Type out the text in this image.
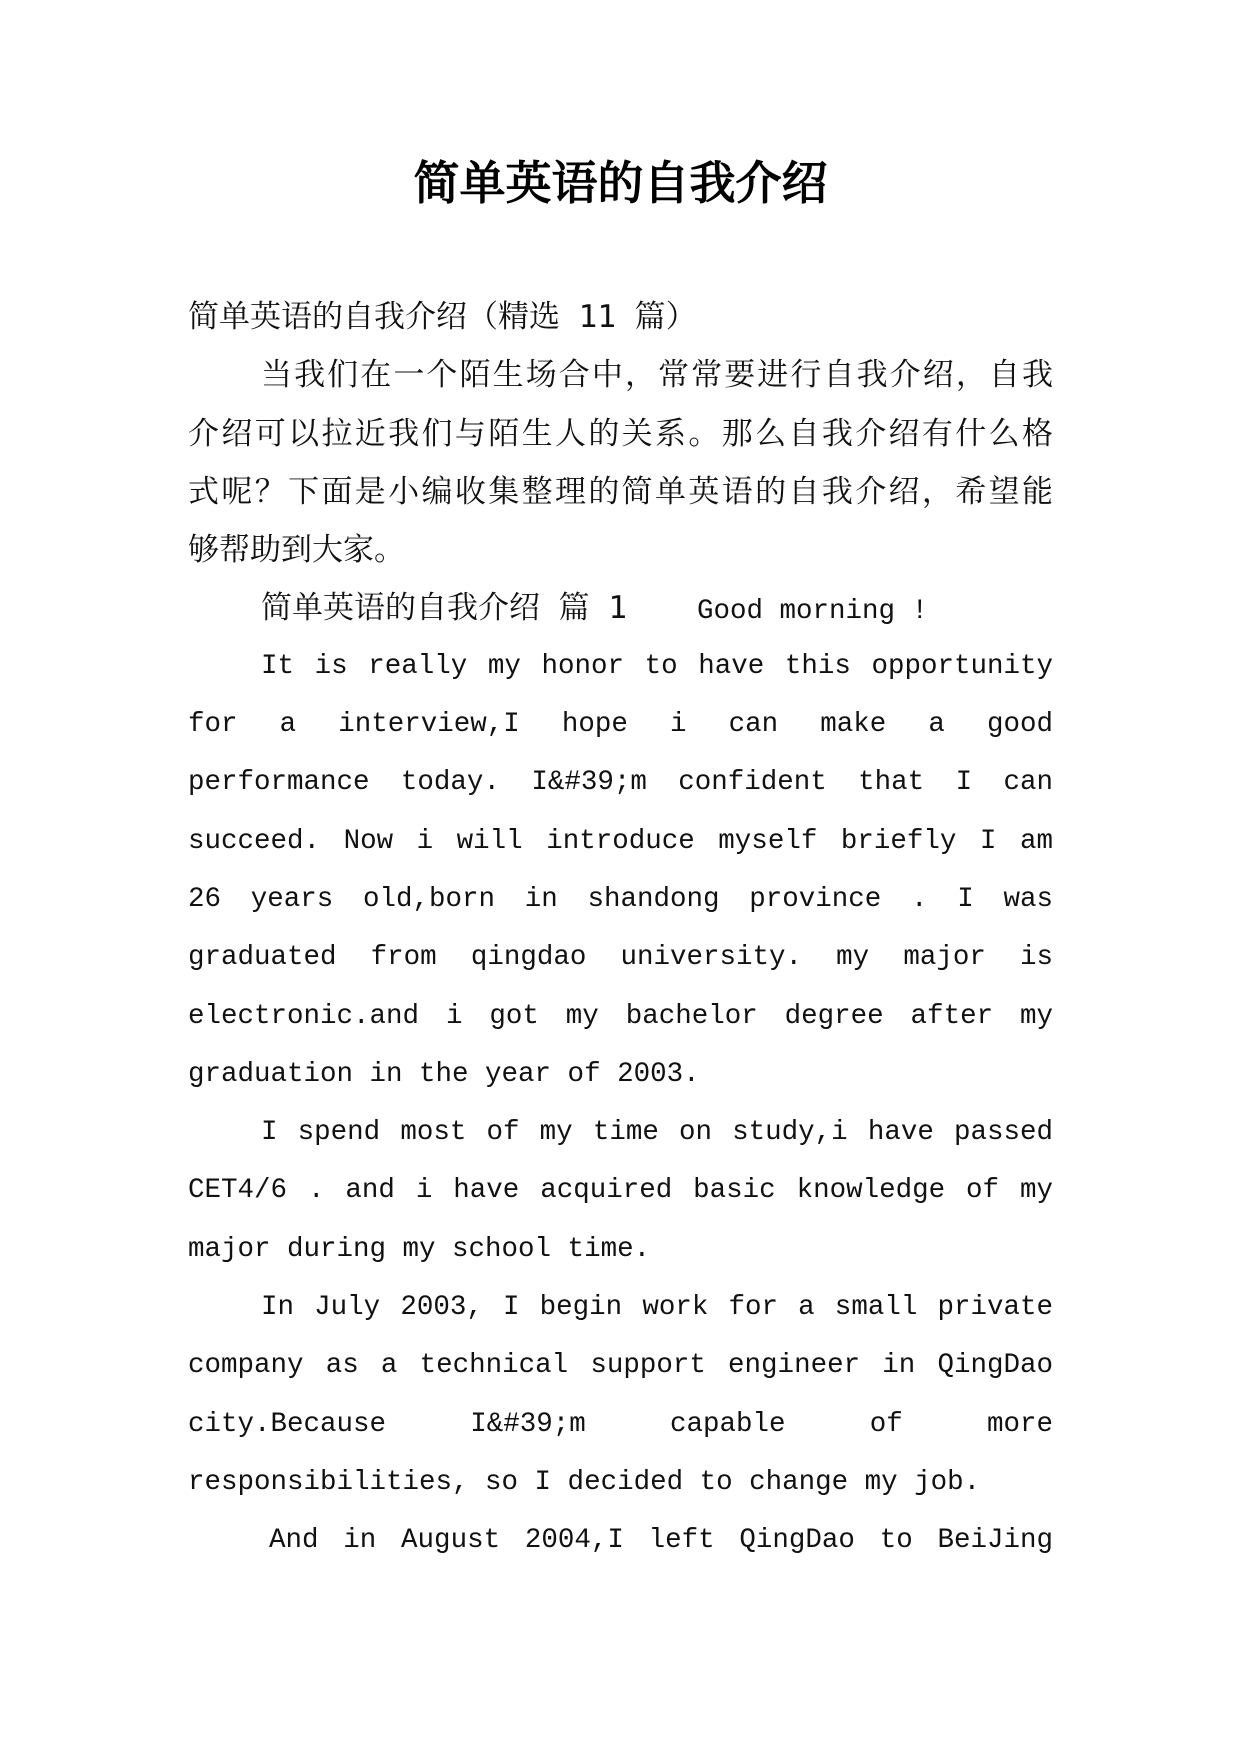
简单英语的自我介绍
简单英语的自我介绍（精选 11 篇）
当我们在一个陌生场合中，常常要进行自我介绍，自我
介绍可以拉近我们与陌生人的关系。那么自我介绍有什么格
式呢？下面是小编收集整理的简单英语的自我介绍，希望能
够帮助到大家。
简单英语的自我介绍 篇 1	Good morning !
It is really my honor to have this opportunity
for a interview,I hope i can make a good
performance today. I&#39;m confident that I can
succeed. Now i will introduce myself briefly I am
26 years old,born in shandong province . I was
graduated from qingdao university. my major is
electronic.and i got my bachelor degree after my
graduation in the year of 2003.
I spend most of my time on study,i have passed
CET4/6 . and i have acquired basic knowledge of my
major during my school time.
In July 2003, I begin work for a small private
company as a technical support engineer in QingDao
city.Because I&#39;m capable of more
responsibilities, so I decided to change my job.
And in August 2004,I left QingDao to BeiJing
